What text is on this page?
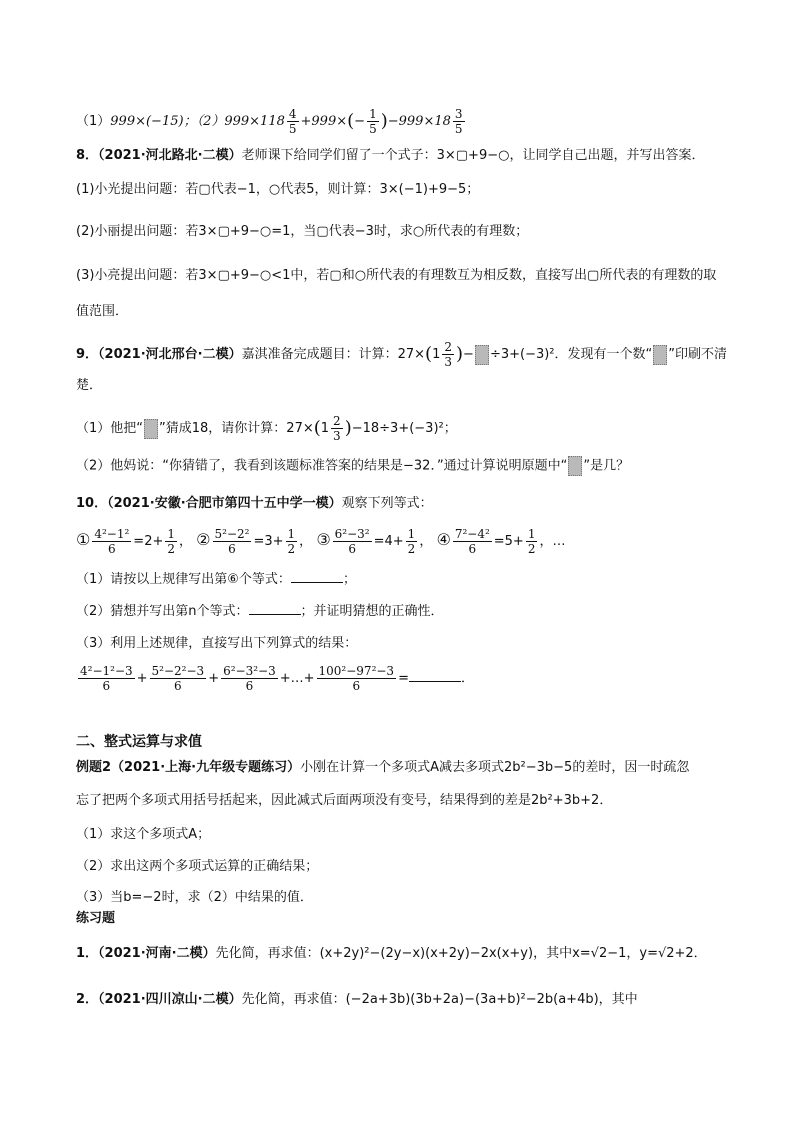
（1）999×(−15)；$(2)999\times 118 \frac{4}{5} +999\times(- \frac{1}{5} )-999\times 18 \frac{3}{5}$
8．（2021·河北路北·二模）老师课下给同学们留了一个式子：3×▢+9−○，让同学自己出题，并写出答案．
(1)小光提出问题：若▢代表−1，○代表5，则计算：3×(−1)+9−5；
(2)小丽提出问题：若3×▢+9−○=1，当▢代表−3时，求○所代表的有理数；
(3)小亮提出问题：若3×▢+9−○<1中，若▢和○所代表的有理数互为相反数，直接写出▢所代表的有理数的取
值范围．
9．（2021·河北邢台·二模）嘉淇准备完成题目：计算：$27\times(1 \frac{2}{3}$ )− ÷3+(−3)²．发现有一个数“ ”印刷不清
楚．
（1）他把“ ”猜成18，请你计算：$27\times(1 \frac{2}{3} )-18\div 3+(-3)^2$；
（2）他妈说：“你猜错了，我看到该题标准答案的结果是−32．”通过计算说明原题中“ ”是几？
10．（2021·安徽·合肥市第四十五中学一模）观察下列等式：
① $\frac{\text{4²−1²}}{6} =2+ \frac{1}{2}$ ， ② $\frac{\text{5²−2²}}{6} =3+ \frac{1}{2}$ ， ③ $\frac{\text{6²−3²}}{6} =4+ \frac{1}{2}$ ， ④ $\frac{\text{7²−4²}}{6} =5+ \frac{1}{2}$ ，…
（1）请按以上规律写出第⑥个等式：	；
（2）猜想并写出第n个等式：	；并证明猜想的正确性．
（3）利用上述规律，直接写出下列算式的结果：
$\frac{\text{4²−1²−3}}{6} + \frac{\text{5²−2²−3}}{6} + \frac{\text{6²−3²−3}}{6}$ +…+ $\frac{\text{100²−97²−3}}{6}$ =	．
二、整式运算与求值
例题2（2021·上海·九年级专题练习）小刚在计算一个多项式A减去多项式2b²−3b−5的差时，因一时疏忽
忘了把两个多项式用括号括起来，因此减式后面两项没有变号，结果得到的差是2b²+3b+2．
（1）求这个多项式A；
（2）求出这两个多项式运算的正确结果；
（3）当b=−2时，求（2）中结果的值．
练习题
1．（2021·河南·二模）先化简，再求值：(x+2y)²−(2y−x)(x+2y)−2x(x+y)，其中x=√2−1，y=√2+2．
2．（2021·四川凉山·二模）先化简，再求值：(−2a+3b)(3b+2a)−(3a+b)²−2b(a+4b)，其中
